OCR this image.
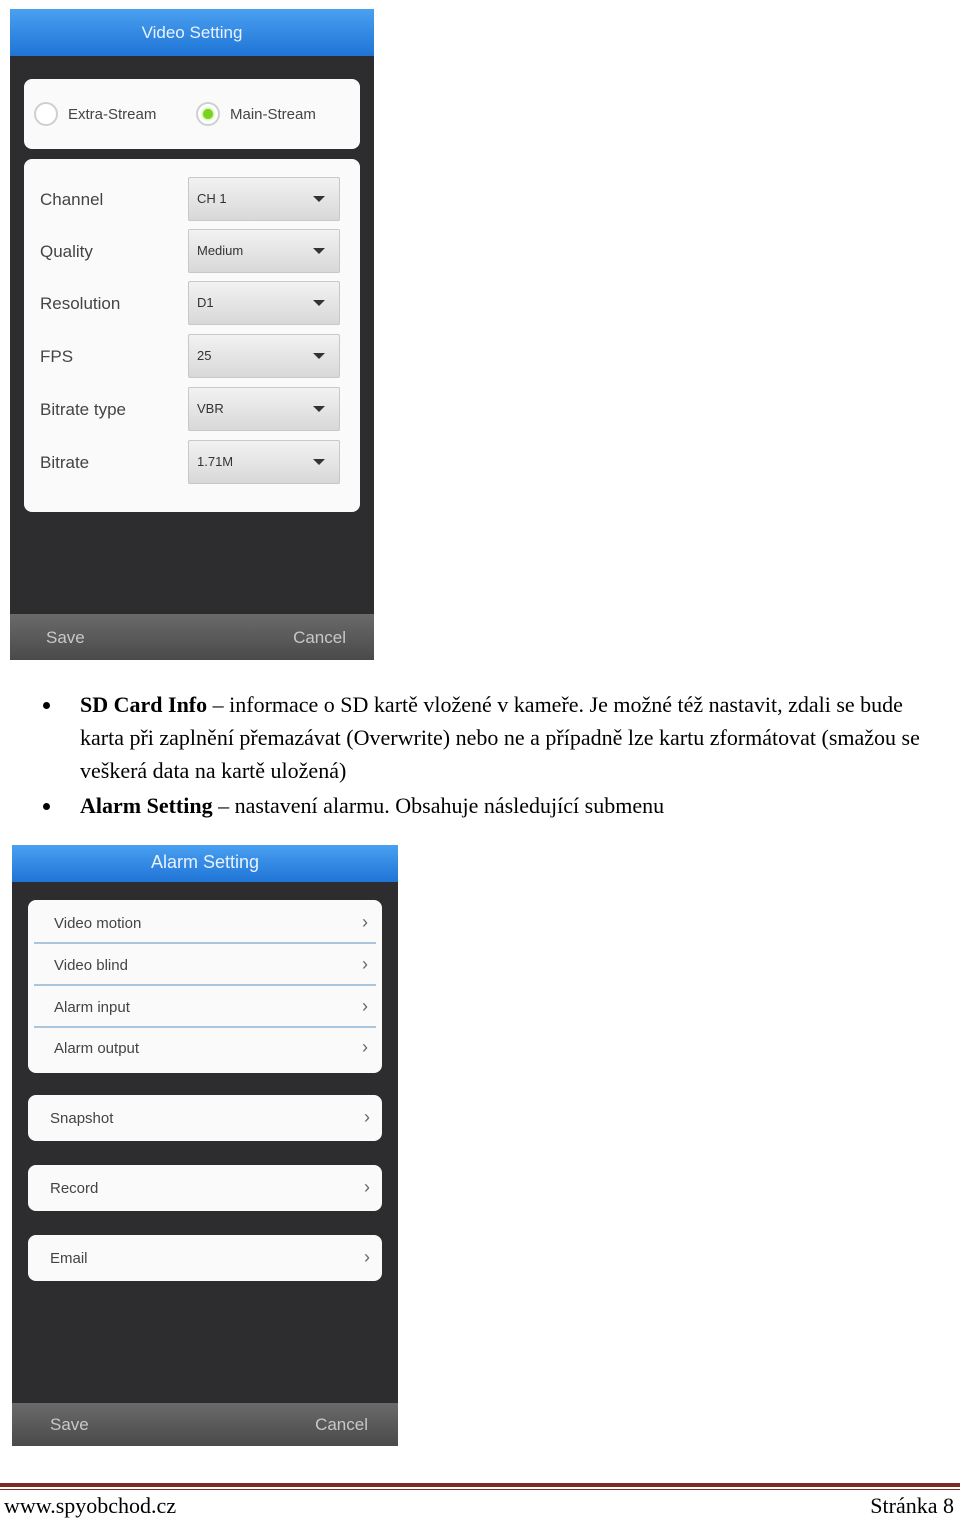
Video Setting
Extra-Stream	Main-Stream
Channel	CH 1
Quality	Medium
Resolution	D1
FPS	25
Bitrate type	VBR
Bitrate	1.71M
Save	Cancel
SD Card Info – informace o SD kartě vložené v kameře. Je možné též nastavit, zdali se bude karta při zaplnění přemazávat (Overwrite) nebo ne a případně lze kartu zformátovat (smažou se veškerá data na kartě uložená)
Alarm Setting – nastavení alarmu. Obsahuje následující submenu
Alarm Setting
Video motion	›
Video blind	›
Alarm input	›
Alarm output	›
Snapshot	›
Record	›
Email	›
Save	Cancel
www.spyobchod.cz	Stránka 8
